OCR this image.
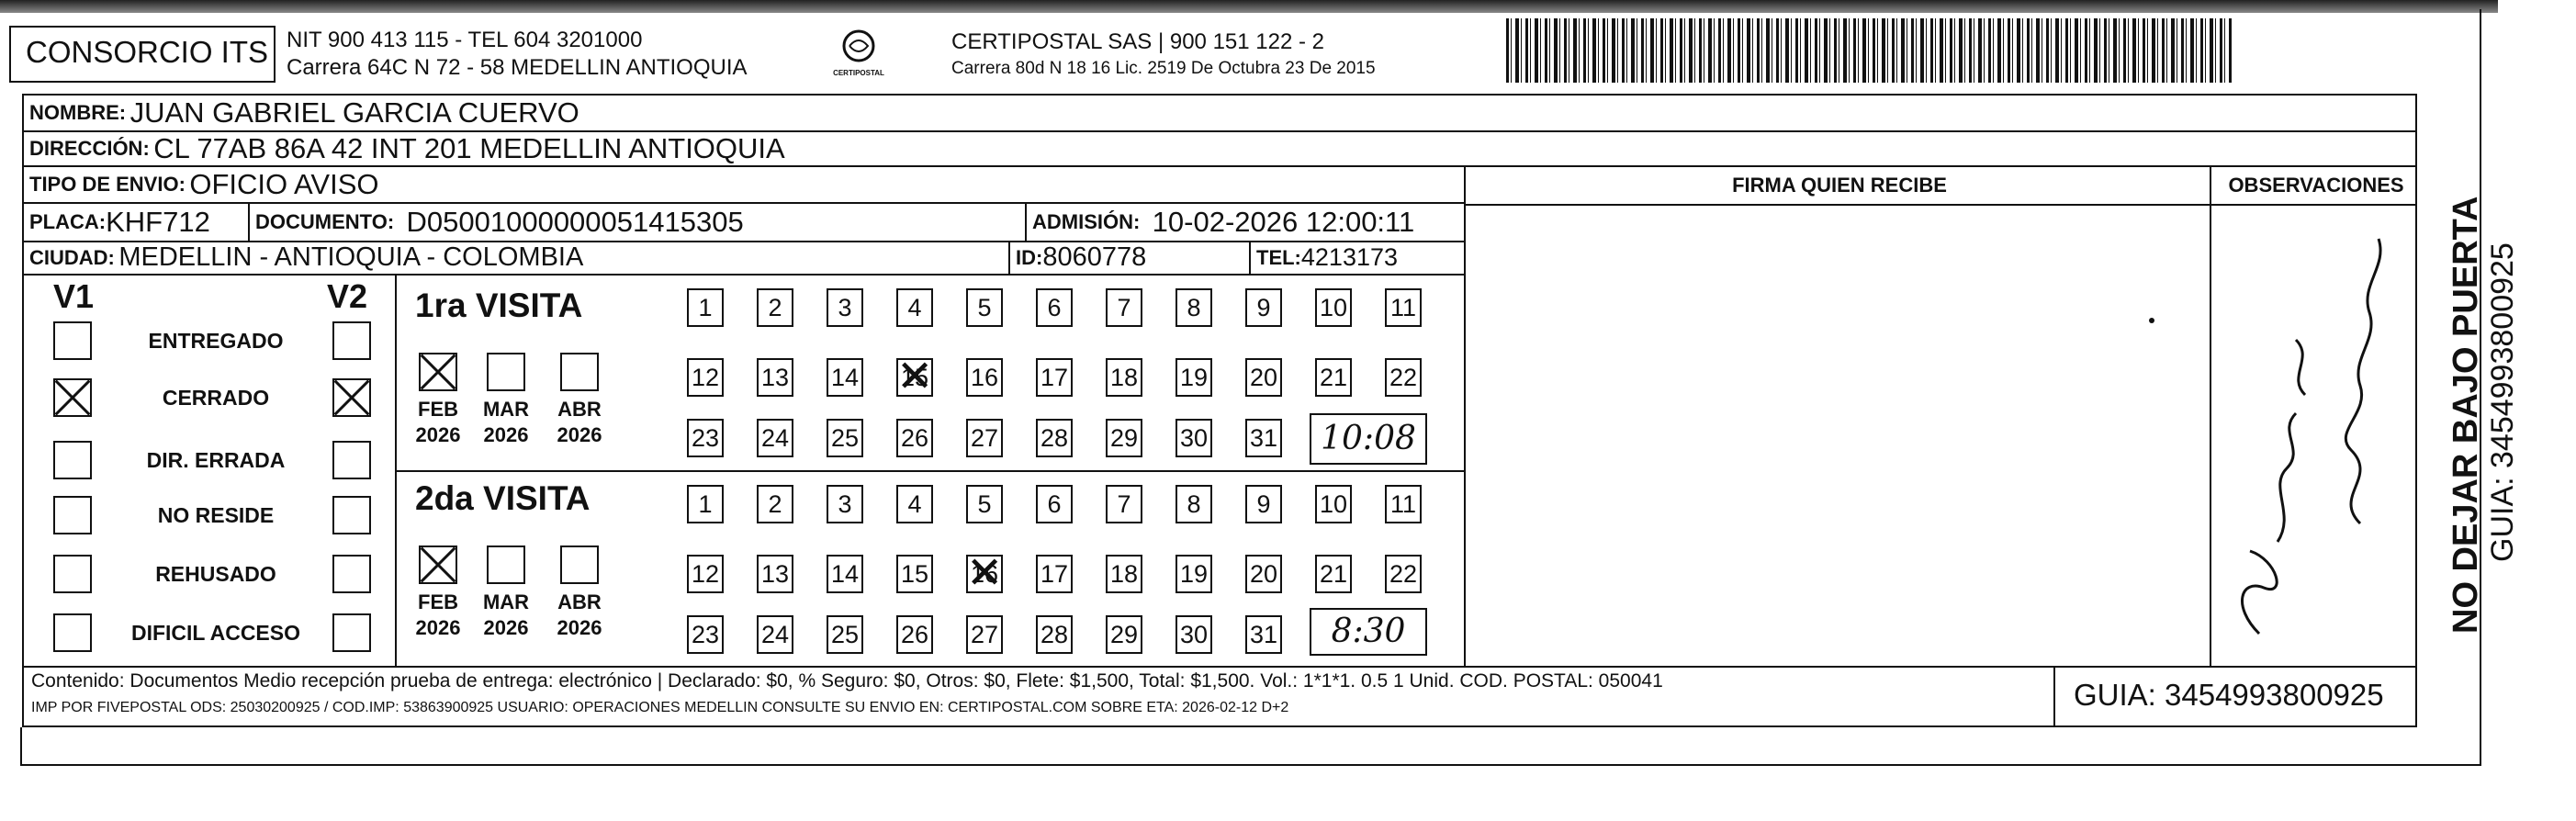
CONSORCIO ITS NIT 900 413 115 - TEL 604 3201000
Carrera 64C N 72 - 58 MEDELLIN ANTIOQUIA	CERTIPOSTAL
CERTIPOSTAL SAS | 900 151 122 - 2
Carrera 80d N 18 16 Lic. 2519 De Octubra 23 De 2015
NOMBRE:
JUAN GABRIEL GARCIA CUERVO
DIRECCIÓN:
CL 77AB 86A 42 INT 201 MEDELLIN ANTIOQUIA
TIPO DE ENVIO:
OFICIO AVISO	FIRMA QUIEN RECIBE	OBSERVACIONES
PLACA: KHF712 DOCUMENTO:
D05001000000051415305	ADMISIÓN:
10-02-2026 12:00:11
CIUDAD:
MEDELLIN - ANTIOQUIA - COLOMBIA	ID: 8060778	TEL: 4213173
V1	V2
ENTREGADO
CERRADO
DIR. ERRADA
NO RESIDE
REHUSADO
DIFICIL ACCESO
1ra VISITA
FEB
2026
MAR
2026
ABR
2026
1	2	3	4	5	6	7	8	9	10 11
12 13 14 15 ✕ 16 17 18 19 20 21 22
23 24 25 26 27 28 29 30 31	10:08
2da VISITA
FEB
2026
MAR
2026
ABR
2026
1	2	3	4	5	6	7	8	9	10 11
12 13 14 15 16 ✕ 17 18 19 20 21 22
23 24 25 26 27 28 29 30 31	8:30
Contenido: Documentos Medio recepción prueba de entrega: electrónico | Declarado: $0, % Seguro: $0, Otros: $0, Flete: $1,500, Total: $1,500. Vol.: 1*1*1. 0.5 1 Unid. COD. POSTAL: 050041
IMP POR FIVEPOSTAL ODS: 25030200925 / COD.IMP: 53863900925 USUARIO: OPERACIONES MEDELLIN CONSULTE SU ENVIO EN: CERTIPOSTAL.COM SOBRE ETA: 2026-02-12 D+2	GUIA: 3454993800925
NO DEJAR BAJO PUERTA GUIA: 3454993800925
